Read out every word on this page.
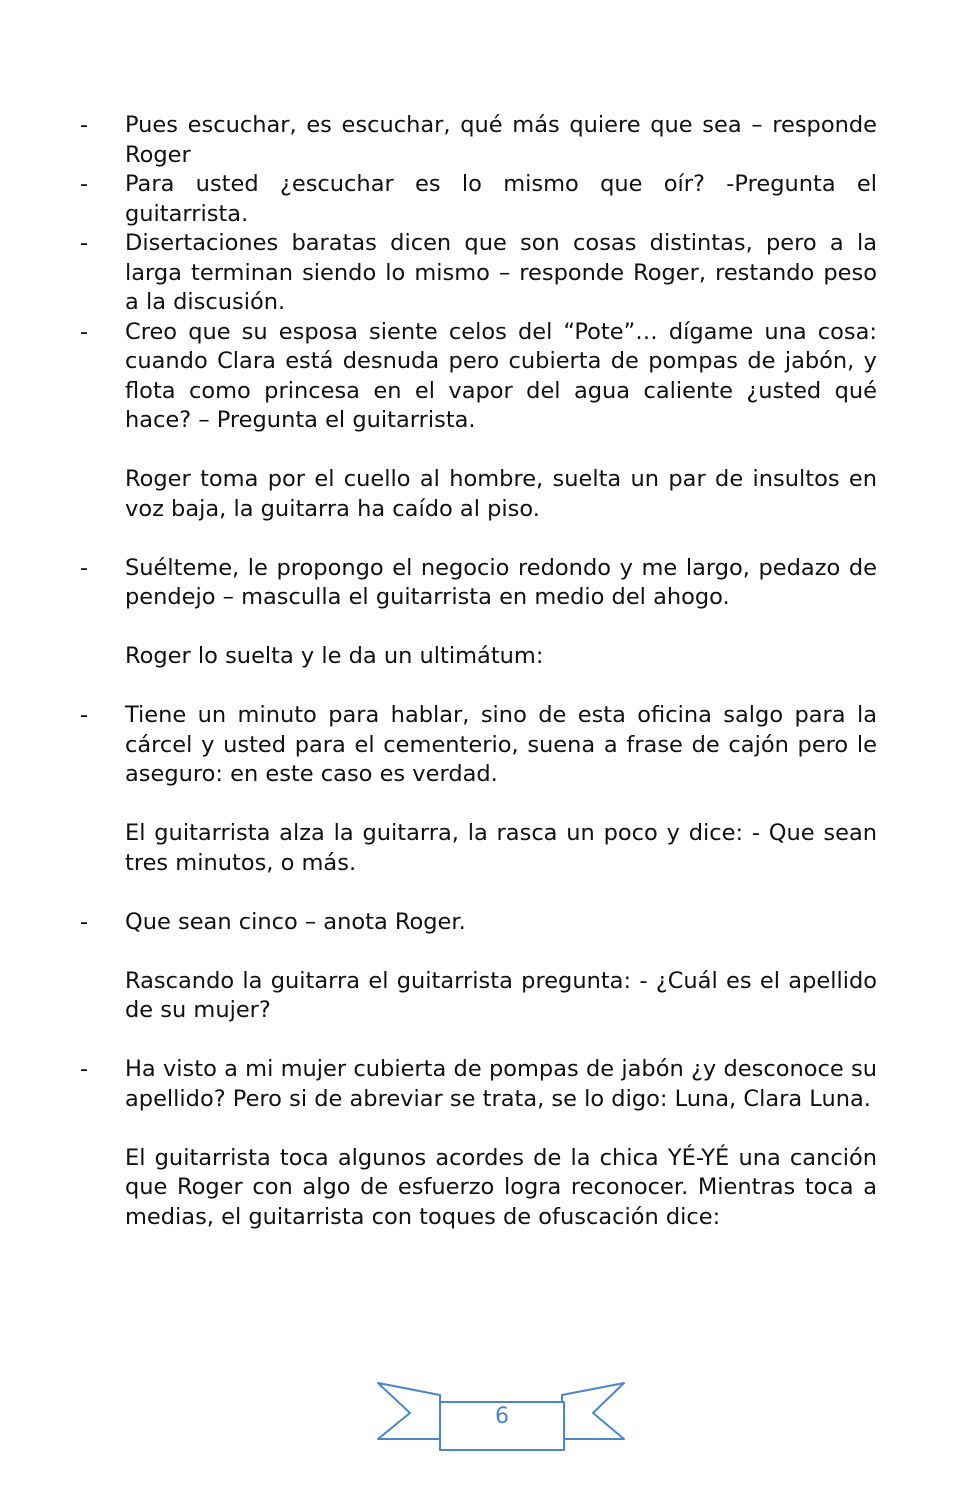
-	Pues escuchar, es escuchar, qué más quiere que sea – responde Roger
-	Para usted ¿escuchar es lo mismo que oír? -Pregunta el guitarrista.
-	Disertaciones baratas dicen que son cosas distintas, pero a la larga terminan siendo lo mismo – responde Roger, restando peso a la discusión.
-	Creo que su esposa siente celos del “Pote”… dígame una cosa: cuando Clara está desnuda pero cubierta de pompas de jabón, y flota como princesa en el vapor del agua caliente ¿usted qué hace? – Pregunta el guitarrista.
Roger toma por el cuello al hombre, suelta un par de insultos en voz baja, la guitarra ha caído al piso.
-	Suélteme, le propongo el negocio redondo y me largo, pedazo de pendejo – masculla el guitarrista en medio del ahogo.
Roger lo suelta y le da un ultimátum:
-	Tiene un minuto para hablar, sino de esta oficina salgo para la cárcel y usted para el cementerio, suena a frase de cajón pero le aseguro: en este caso es verdad.
El guitarrista alza la guitarra, la rasca un poco y dice: - Que sean tres minutos, o más.
-	Que sean cinco – anota Roger.
Rascando la guitarra el guitarrista pregunta: - ¿Cuál es el apellido de su mujer?
-	Ha visto a mi mujer cubierta de pompas de jabón ¿y desconoce su apellido? Pero si de abreviar se trata, se lo digo: Luna, Clara Luna.
El guitarrista toca algunos acordes de la chica YÉ-YÉ una canción que Roger con algo de esfuerzo logra reconocer. Mientras toca a medias, el guitarrista con toques de ofuscación dice:
6
